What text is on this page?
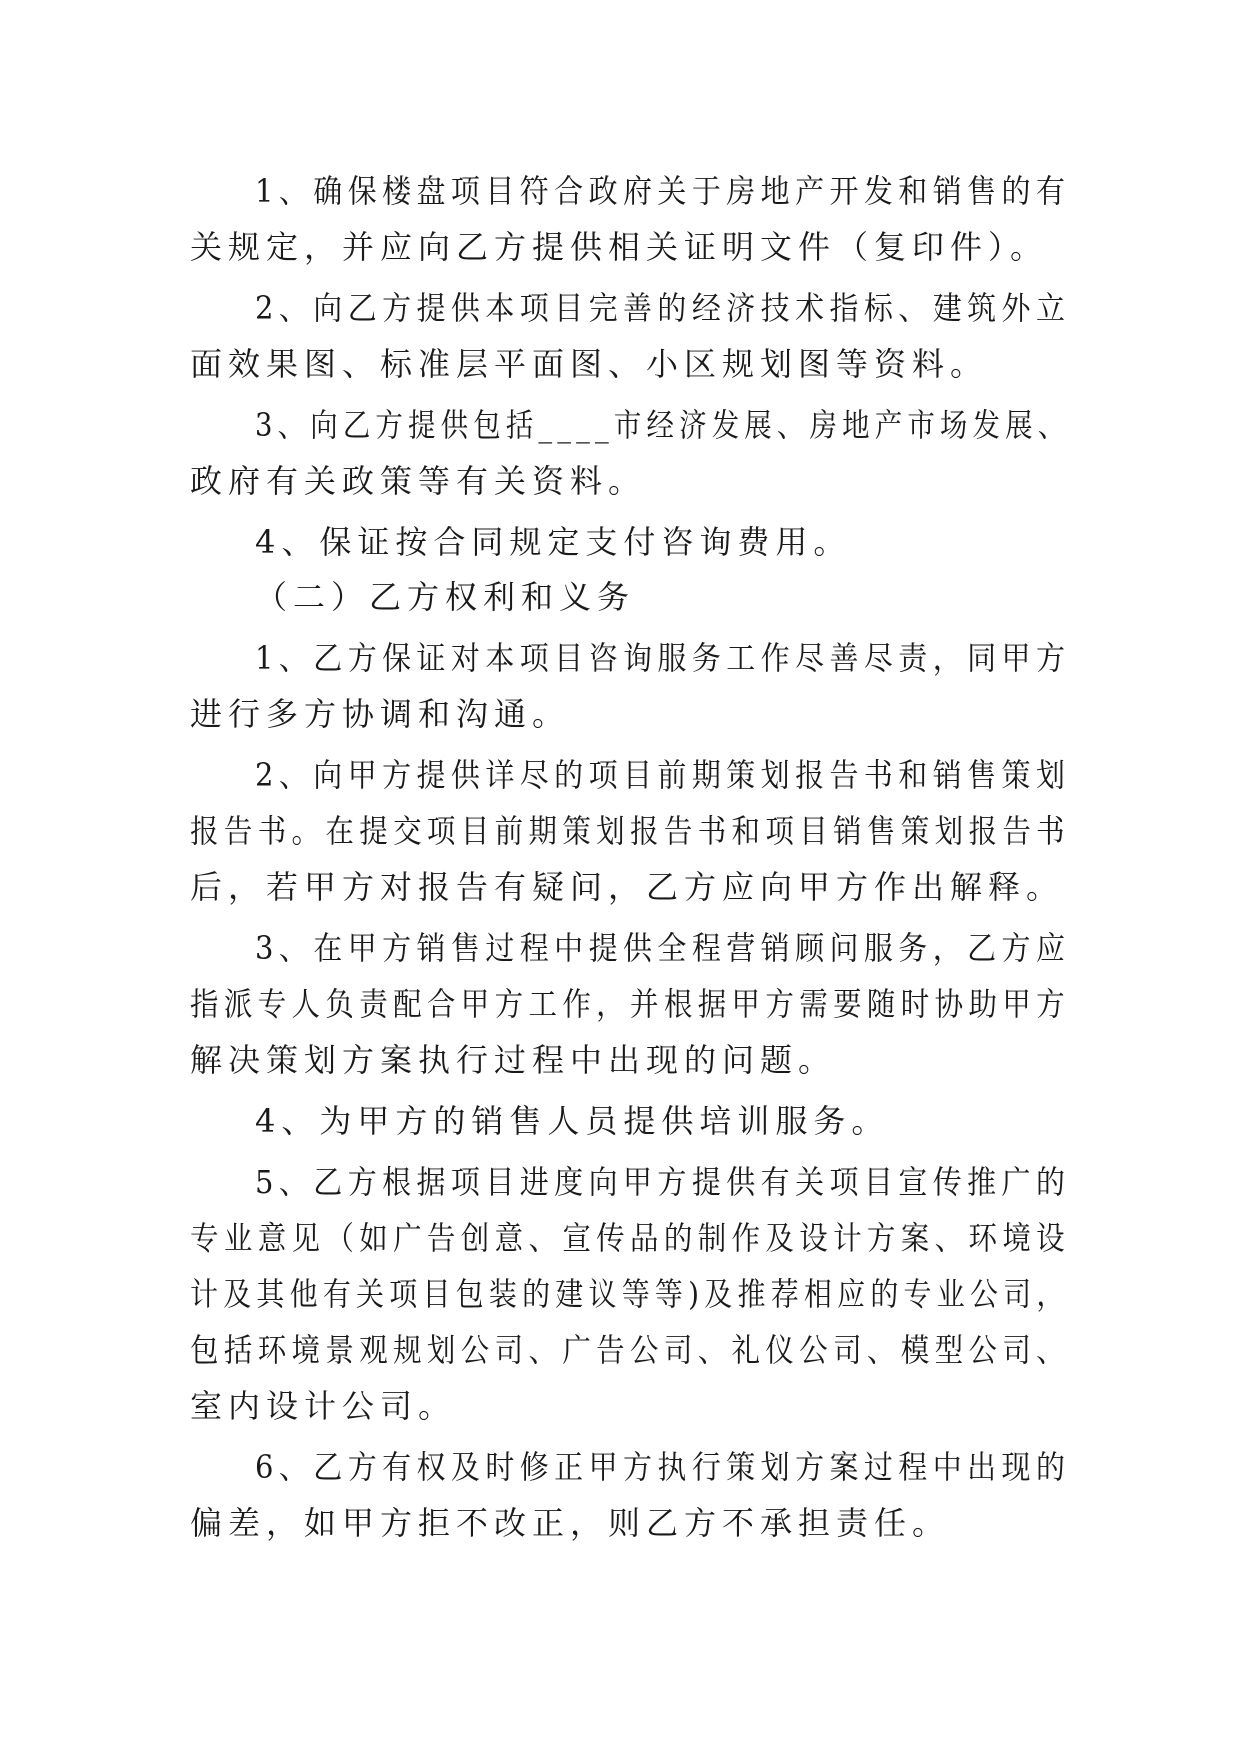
1、确保楼盘项目符合政府关于房地产开发和销售的有
关规定，并应向乙方提供相关证明文件（复印件）。
2、向乙方提供本项目完善的经济技术指标、建筑外立
面效果图、标准层平面图、小区规划图等资料。
3、向乙方提供包括____市经济发展、房地产市场发展、
政府有关政策等有关资料。
4、保证按合同规定支付咨询费用。
（二）乙方权利和义务
1、乙方保证对本项目咨询服务工作尽善尽责，同甲方
进行多方协调和沟通。
2、向甲方提供详尽的项目前期策划报告书和销售策划
报告书。在提交项目前期策划报告书和项目销售策划报告书
后，若甲方对报告有疑问，乙方应向甲方作出解释。
3、在甲方销售过程中提供全程营销顾问服务，乙方应
指派专人负责配合甲方工作，并根据甲方需要随时协助甲方
解决策划方案执行过程中出现的问题。
4、为甲方的销售人员提供培训服务。
5、乙方根据项目进度向甲方提供有关项目宣传推广的
专业意见（如广告创意、宣传品的制作及设计方案、环境设
计及其他有关项目包装的建议等等)及推荐相应的专业公司，
包括环境景观规划公司、广告公司、礼仪公司、模型公司、
室内设计公司。
6、乙方有权及时修正甲方执行策划方案过程中出现的
偏差，如甲方拒不改正，则乙方不承担责任。
